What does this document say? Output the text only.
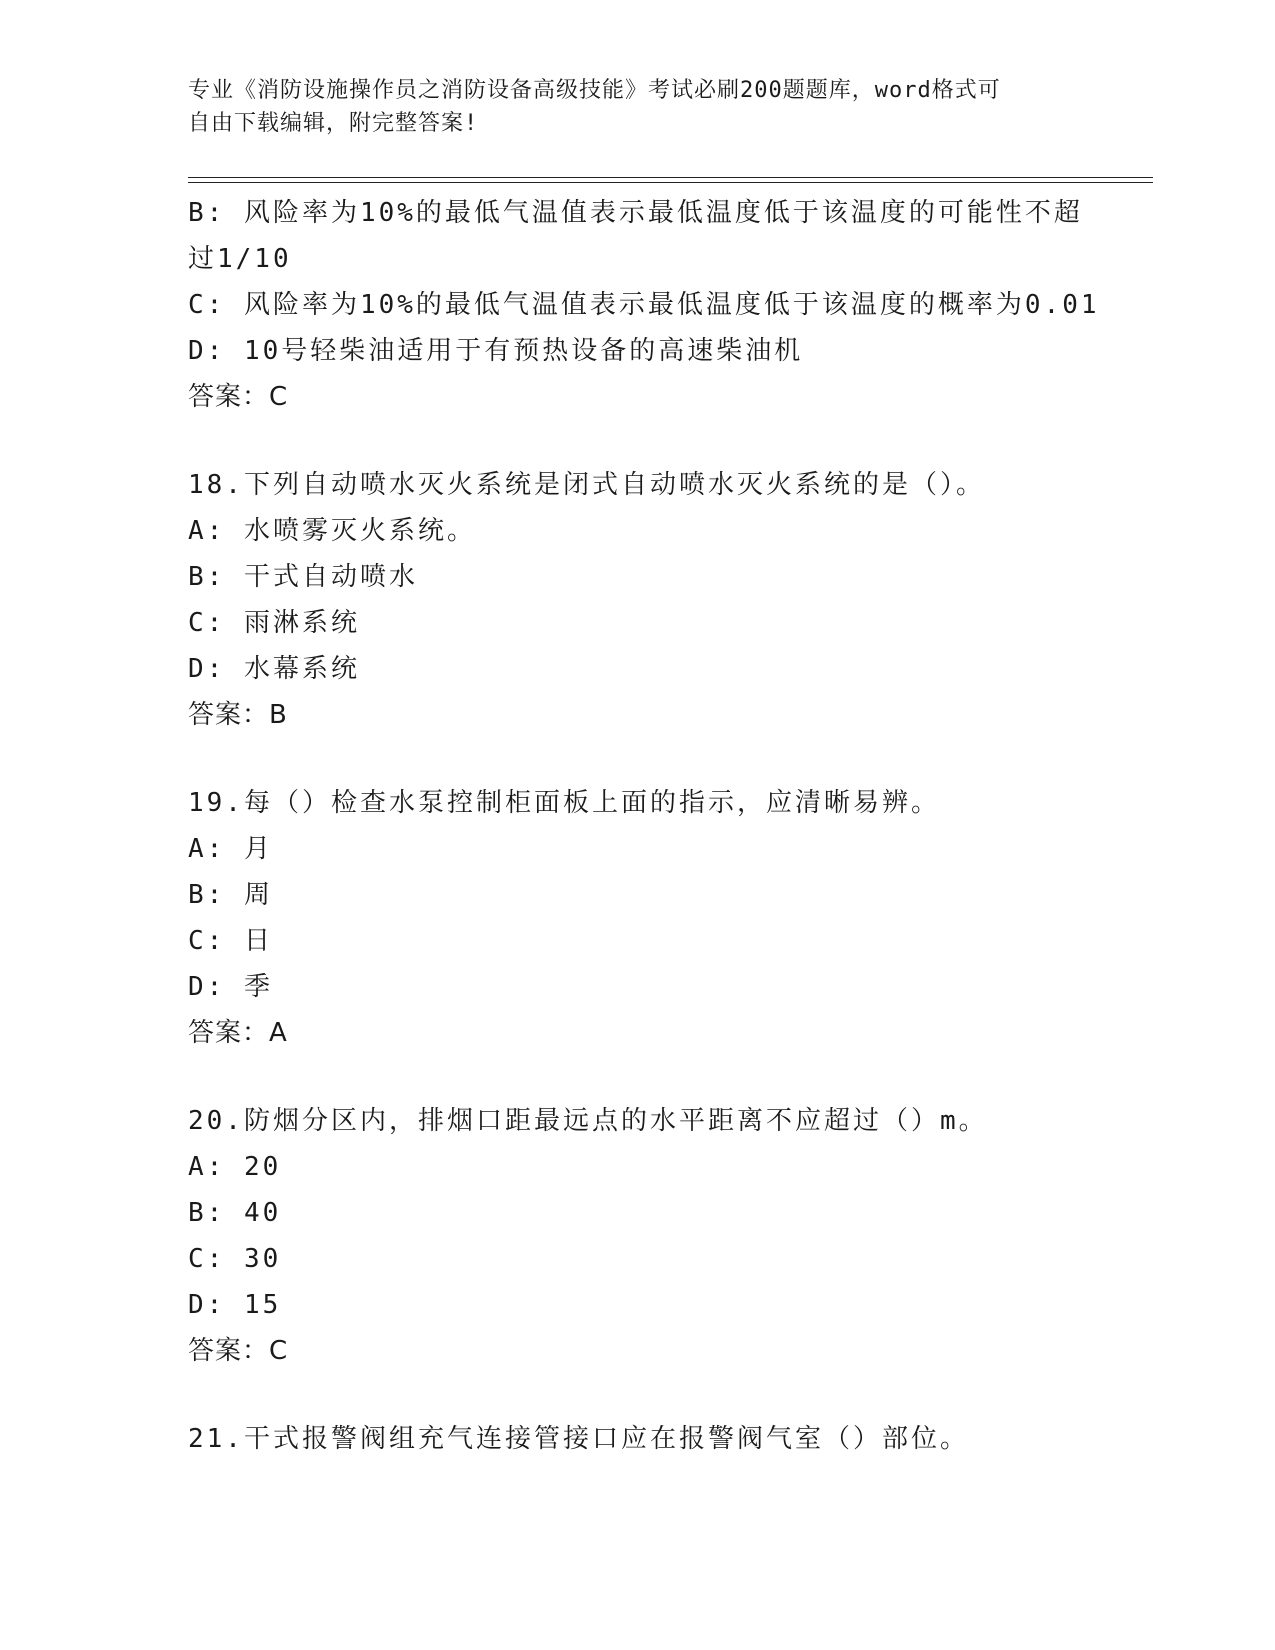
专业《消防设施操作员之消防设备高级技能》考试必刷200题题库，word格式可
自由下载编辑，附完整答案!
B: 风险率为10%的最低气温值表示最低温度低于该温度的可能性不超
过1/10
C: 风险率为10%的最低气温值表示最低温度低于该温度的概率为0.01
D: 10号轻柴油适用于有预热设备的高速柴油机
答案：C
18.下列自动喷水灭火系统是闭式自动喷水灭火系统的是（）。
A: 水喷雾灭火系统。
B: 干式自动喷水
C: 雨淋系统
D: 水幕系统
答案：B
19.每（）检查水泵控制柜面板上面的指示，应清晰易辨。
A: 月
B: 周
C: 日
D: 季
答案：A
20.防烟分区内，排烟口距最远点的水平距离不应超过（）m。
A: 20
B: 40
C: 30
D: 15
答案：C
21.干式报警阀组充气连接管接口应在报警阀气室（）部位。
